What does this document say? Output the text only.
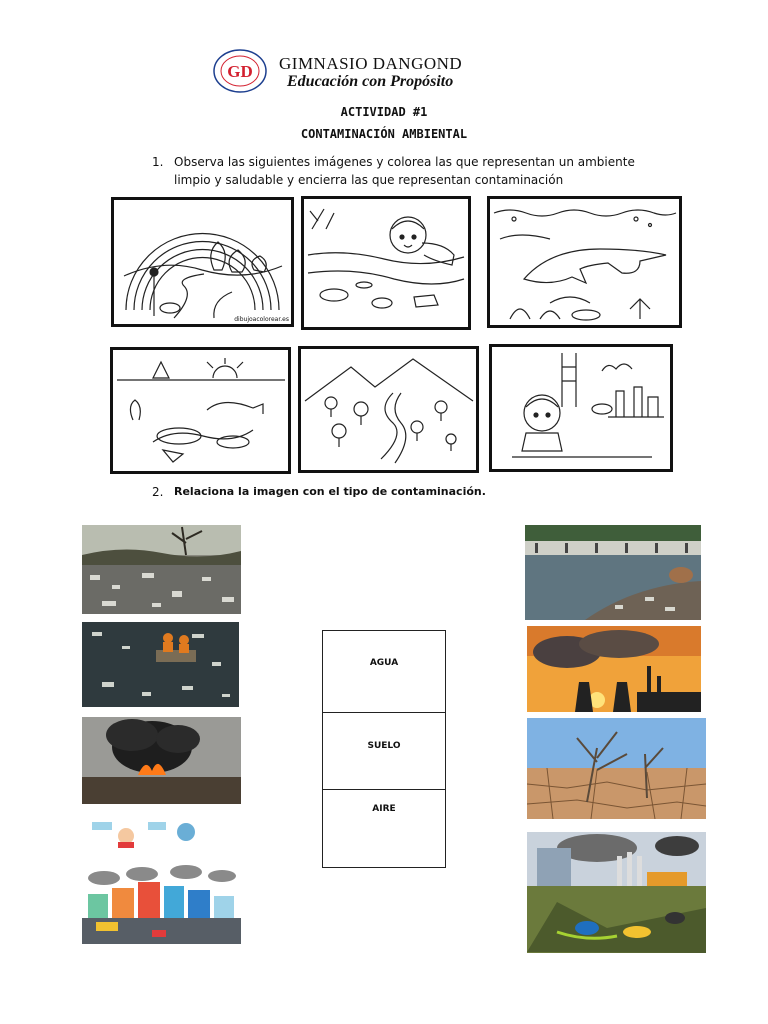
GD GIMNASIO DANGOND
Educación con Propósito
ACTIVIDAD #1
CONTAMINACIÓN AMBIENTAL
1. Observa las siguientes imágenes y colorea las que representan un ambiente limpio y saludable y encierra las que representan contaminación
dibujoacolorear.es
2. Relaciona la imagen con el tipo de contaminación.
AGUA
SUELO
AIRE
